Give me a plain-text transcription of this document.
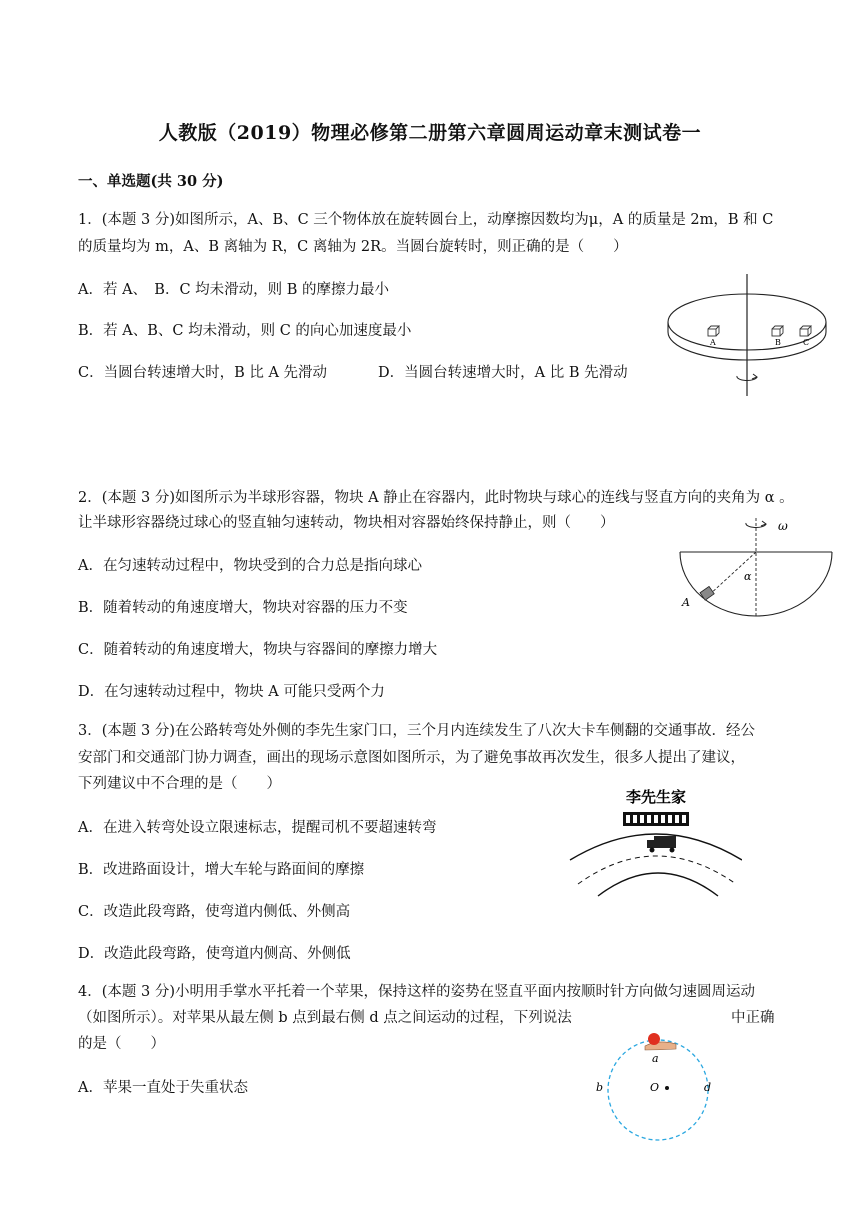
人教版（2019）物理必修第二册第六章圆周运动章末测试卷一
一、单选题(共 30 分)
1．(本题 3 分)如图所示，A、B、C 三个物体放在旋转圆台上，动摩擦因数均为μ，A 的质量是 2m，B 和 C
的质量均为 m，A、B 离轴为 R，C 离轴为 2R。当圆台旋转时，则正确的是（　　）
A．若 A、　B．C 均未滑动，则 B 的摩擦力最小
B．若 A、B、C 均未滑动，则 C 的向心加速度最小
C．当圆台转速增大时，B 比 A 先滑动	D．当圆台转速增大时，A 比 B 先滑动
A	B	C
2．(本题 3 分)如图所示为半球形容器，物块 A 静止在容器内，此时物块与球心的连线与竖直方向的夹角为 α 。
让半球形容器绕过球心的竖直轴匀速转动，物块相对容器始终保持静止，则（　　）
A．在匀速转动过程中，物块受到的合力总是指向球心
B．随着转动的角速度增大，物块对容器的压力不变
C．随着转动的角速度增大，物块与容器间的摩擦力增大
D．在匀速转动过程中，物块 A 可能只受两个力
ω
α
A
3．(本题 3 分)在公路转弯处外侧的李先生家门口，三个月内连续发生了八次大卡车侧翻的交通事故．经公
安部门和交通部门协力调查，画出的现场示意图如图所示，为了避免事故再次发生，很多人提出了建议，
下列建议中不合理的是（　　）
A．在进入转弯处设立限速标志，提醒司机不要超速转弯
B．改进路面设计，增大车轮与路面间的摩擦
C．改造此段弯路，使弯道内侧低、外侧高
D．改造此段弯路，使弯道内侧高、外侧低
李先生家
4．(本题 3 分)小明用手掌水平托着一个苹果，保持这样的姿势在竖直平面内按顺时针方向做匀速圆周运动
（如图所示）。对苹果从最左侧 b 点到最右侧 d 点之间运动的过程，下列说法	中正确
的是（　　）
A．苹果一直处于失重状态
a
b	d
O
